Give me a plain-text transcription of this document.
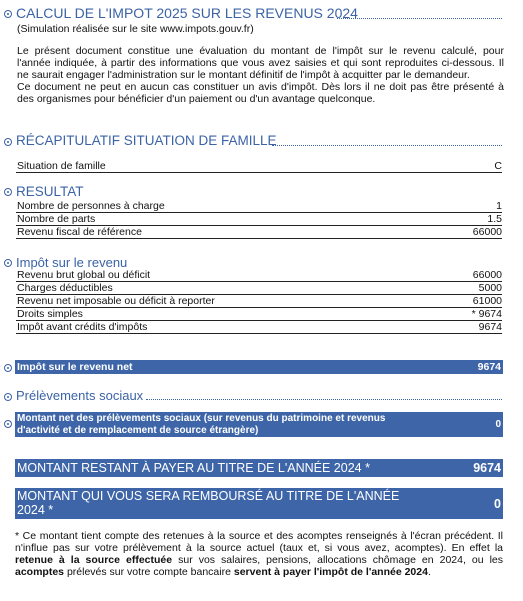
CALCUL DE L'IMPOT 2025 SUR LES REVENUS 2024
(Simulation réalisée sur le site www.impots.gouv.fr)
Le présent document constitue une évaluation du montant de l'impôt sur le revenu calculé, pour
l'année indiquée, à partir des informations que vous avez saisies et qui sont reproduites ci-dessous. Il
ne saurait engager l'administration sur le montant définitif de l'impôt à acquitter par le demandeur.
Ce document ne peut en aucun cas constituer un avis d'impôt. Dès lors il ne doit pas être présenté à
des organismes pour bénéficier d'un paiement ou d'un avantage quelconque.
RÉCAPITULATIF SITUATION DE FAMILLE
Situation de famille	C
RESULTAT
Nombre de personnes à charge	1
Nombre de parts	1.5
Revenu fiscal de référence	66000
Impôt sur le revenu
Revenu brut global ou déficit	66000
Charges déductibles	5000
Revenu net imposable ou déficit à reporter	61000
Droits simples	* 9674
Impôt avant crédits d'impôts	9674
Impôt sur le revenu net	9674
Prélèvements sociaux
Montant net des prélèvements sociaux (sur revenus du patrimoine et revenus
d'activité et de remplacement de source étrangère)	0
MONTANT RESTANT À PAYER AU TITRE DE L'ANNÉE 2024 *	9674
MONTANT QUI VOUS SERA REMBOURSÉ AU TITRE DE L'ANNÉE
2024 *	0
* Ce montant tient compte des retenues à la source et des acomptes renseignés à l'écran précédent. Il
n'influe pas sur votre prélèvement à la source actuel (taux et, si vous avez, acomptes). En effet la
retenue à la source effectuée sur vos salaires, pensions, allocations chômage en 2024, ou les
acomptes prélevés sur votre compte bancaire servent à payer l'impôt de l'année 2024.
